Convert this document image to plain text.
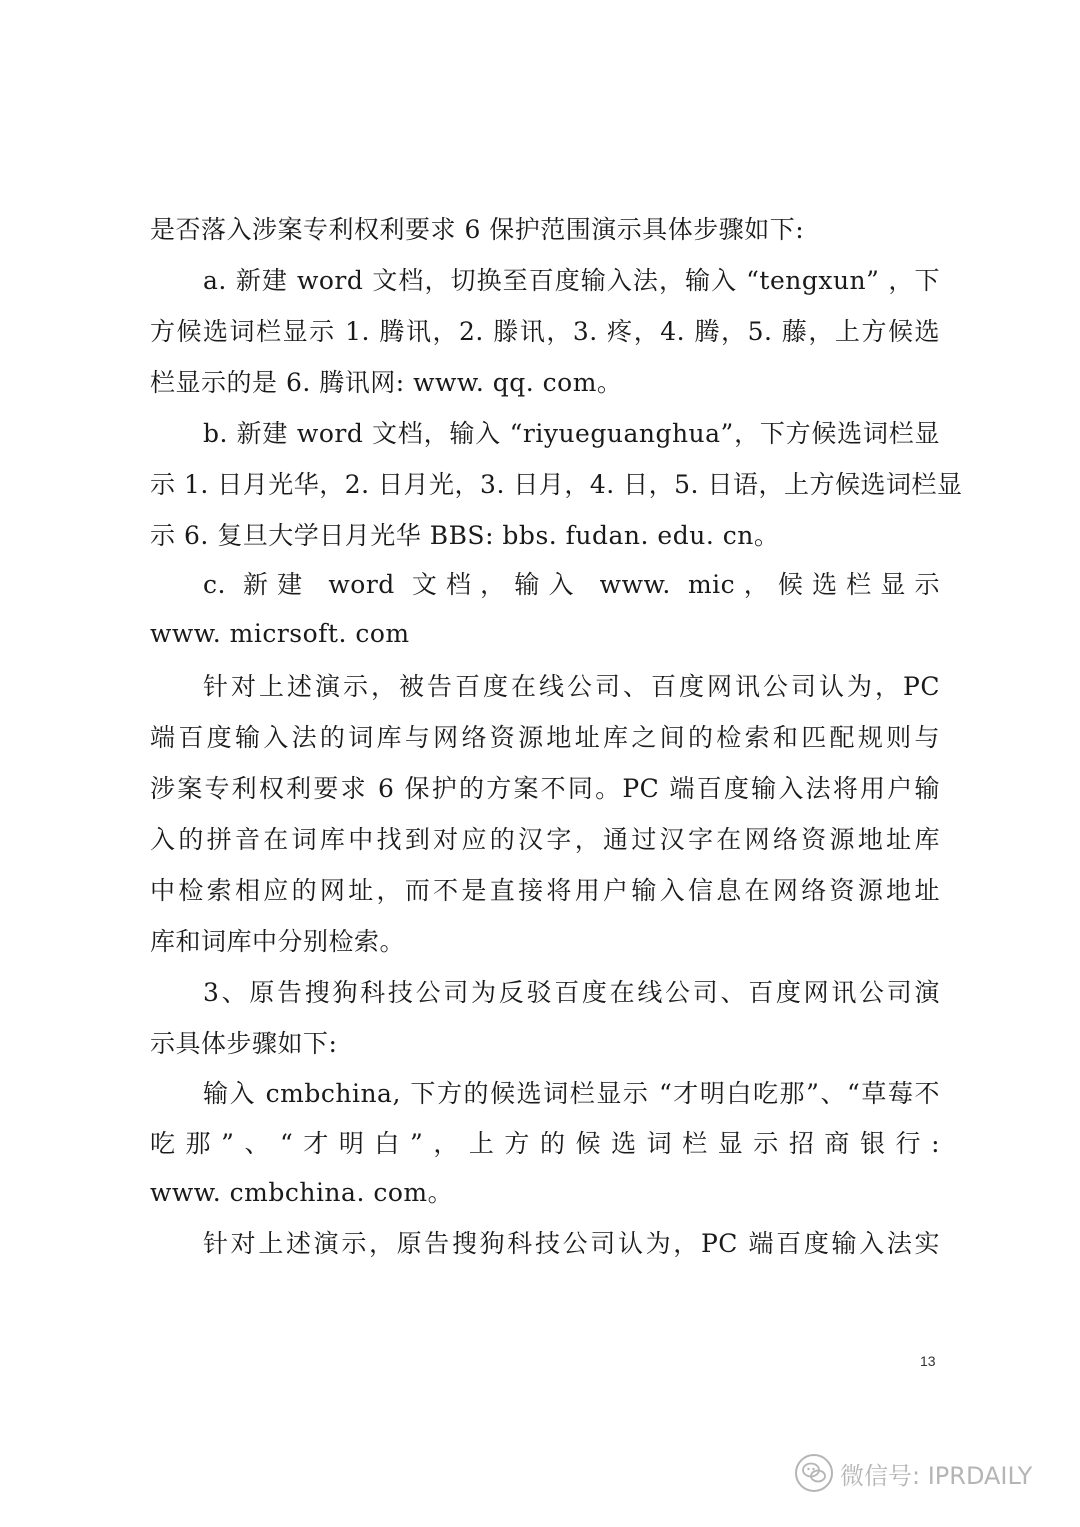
是否落入涉案专利权利要求 6 保护范围演示具体步骤如下:
a. 新建 word 文档，切换至百度输入法，输入 “tengxun” ，下
方候选词栏显示 1. 腾讯，2. 滕讯，3. 疼，4. 腾，5. 藤，上方候选
栏显示的是 6. 腾讯网: www. qq. com。
b. 新建 word 文档，输入 “riyueguanghua”，下方候选词栏显
示 1. 日月光华，2. 日月光，3. 日月，4. 日，5. 日语，上方候选词栏显
示 6. 复旦大学日月光华 BBS: bbs. fudan. edu. cn。
c. 新建 word 文档，输入 www. mic，候选栏显示
www. micrsoft. com
针对上述演示，被告百度在线公司、百度网讯公司认为，PC
端百度输入法的词库与网络资源地址库之间的检索和匹配规则与
涉案专利权利要求 6 保护的方案不同。PC 端百度输入法将用户输
入的拼音在词库中找到对应的汉字，通过汉字在网络资源地址库
中检索相应的网址，而不是直接将用户输入信息在网络资源地址
库和词库中分别检索。
3、原告搜狗科技公司为反驳百度在线公司、百度网讯公司演
示具体步骤如下:
输入 cmbchina, 下方的候选词栏显示 “才明白吃那”、“草莓不
吃那”、“才明白”，上方的候选词栏显示招商银行:
www. cmbchina. com。
针对上述演示，原告搜狗科技公司认为，PC 端百度输入法实
13
微信号: IPRDAILY
